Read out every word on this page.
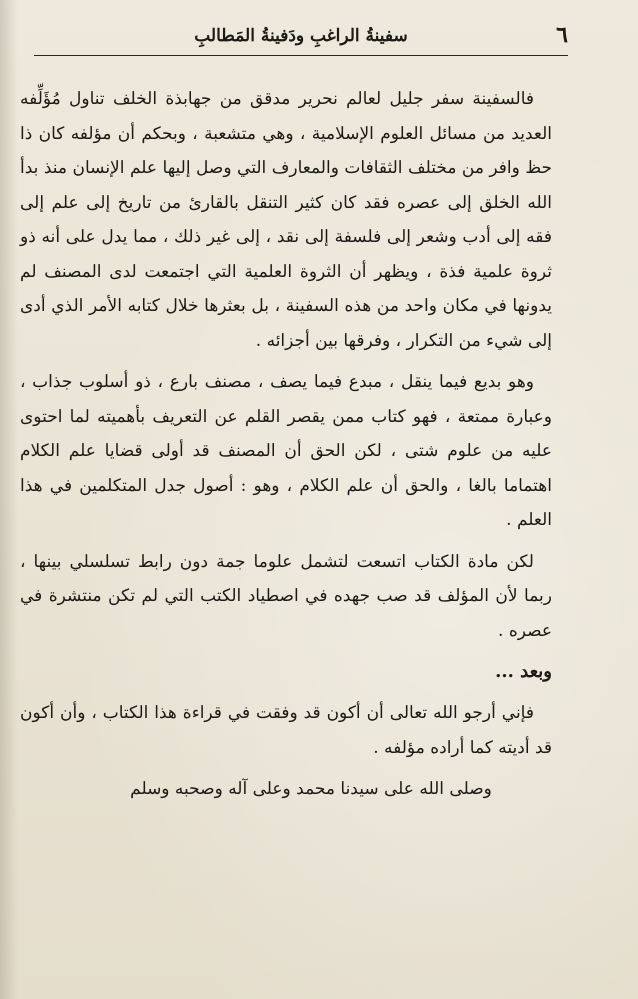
سفينةُ الراغبِ ودَفينةُ المَطالبِ	٦

فالسفينة سفر جليل لعالم نحرير مدقق من جهابذة الخلف تناول مُؤَلِّفه العديد من مسائل العلوم الإسلامية ، وهي متشعبة ، وبحكم أن مؤلفه كان ذا حظ وافر من مختلف الثقافات والمعارف التي وصل إليها علم الإنسان منذ بدأ الله الخلق إلى عصره فقد كان كثير التنقل بالقارئ من تاريخ إلى علم إلى فقه إلى أدب وشعر إلى فلسفة إلى نقد ، إلى غير ذلك ، مما يدل على أنه ذو ثروة علمية فذة ، ويظهر أن الثروة العلمية التي اجتمعت لدى المصنف لم يدونها في مكان واحد من هذه السفينة ، بل بعثرها خلال كتابه الأمر الذي أدى إلى شيء من التكرار ، وفرقها بين أجزائه .

وهو بديع فيما ينقل ، مبدع فيما يصف ، مصنف بارع ، ذو أسلوب جذاب ، وعبارة ممتعة ، فهو كتاب ممن يقصر القلم عن التعريف بأهميته لما احتوى عليه من علوم شتى ، لكن الحق أن المصنف قد أولى قضايا علم الكلام اهتماما بالغا ، والحق أن علم الكلام ، وهو : أصول جدل المتكلمين في هذا العلم .

لكن مادة الكتاب اتسعت لتشمل علوما جمة دون رابط تسلسلي بينها ، ربما لأن المؤلف قد صب جهده في اصطياد الكتب التي لم تكن منتشرة في عصره .

وبعد ...

فإني أرجو الله تعالى أن أكون قد وفقت في قراءة هذا الكتاب ، وأن أكون قد أديته كما أراده مؤلفه .

وصلى الله على سيدنا محمد وعلى آله وصحبه وسلم
